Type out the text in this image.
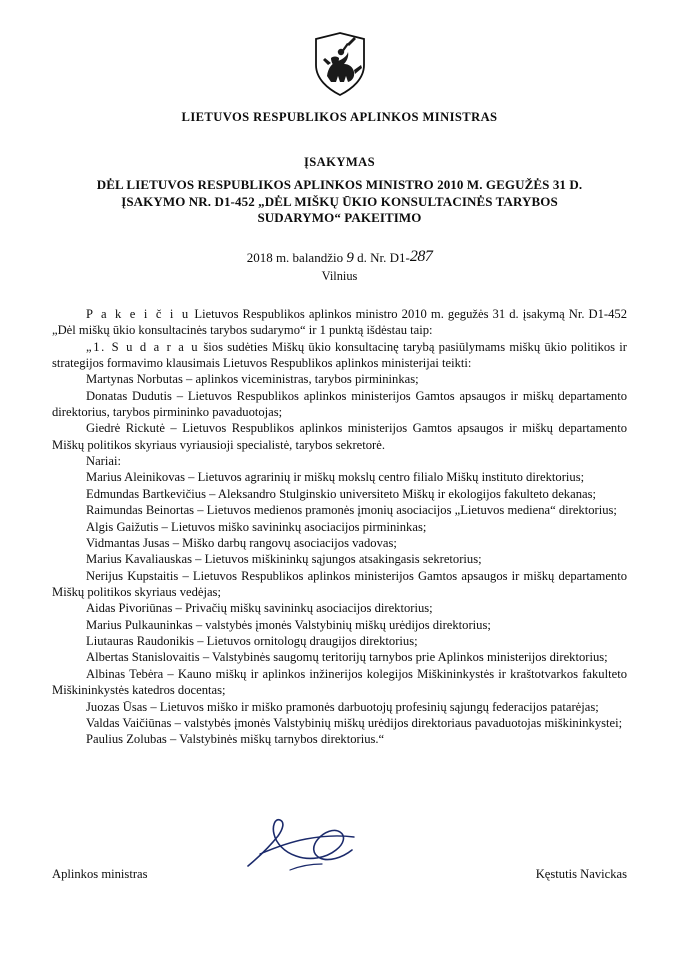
LIETUVOS RESPUBLIKOS APLINKOS MINISTRAS
ĮSAKYMAS
DĖL LIETUVOS RESPUBLIKOS APLINKOS MINISTRO 2010 M. GEGUŽĖS 31 D.
ĮSAKYMO NR. D1-452 „DĖL MIŠKŲ ŪKIO KONSULTACINĖS TARYBOS
SUDARYMO“ PAKEITIMO
2018 m. balandžio 9 d. Nr. D1-287
Vilnius

P a k e i č i u Lietuvos Respublikos aplinkos ministro 2010 m. gegužės 31 d. įsakymą Nr. D1-452 „Dėl miškų ūkio konsultacinės tarybos sudarymo“ ir 1 punktą išdėstau taip:

„1. S u d a r a u šios sudėties Miškų ūkio konsultacinę tarybą pasiūlymams miškų ūkio politikos ir strategijos formavimo klausimais Lietuvos Respublikos aplinkos ministerijai teikti:

Martynas Norbutas – aplinkos viceministras, tarybos pirmininkas;

Donatas Dudutis – Lietuvos Respublikos aplinkos ministerijos Gamtos apsaugos ir miškų departamento direktorius, tarybos pirmininko pavaduotojas;

Giedrė Rickutė – Lietuvos Respublikos aplinkos ministerijos Gamtos apsaugos ir miškų departamento Miškų politikos skyriaus vyriausioji specialistė, tarybos sekretorė.

Nariai:

Marius Aleinikovas – Lietuvos agrarinių ir miškų mokslų centro filialo Miškų instituto direktorius;

Edmundas Bartkevičius – Aleksandro Stulginskio universiteto Miškų ir ekologijos fakulteto dekanas;

Raimundas Beinortas – Lietuvos medienos pramonės įmonių asociacijos „Lietuvos mediena“ direktorius;

Algis Gaižutis – Lietuvos miško savininkų asociacijos pirmininkas;

Vidmantas Jusas – Miško darbų rangovų asociacijos vadovas;

Marius Kavaliauskas – Lietuvos miškininkų sąjungos atsakingasis sekretorius;

Nerijus Kupstaitis – Lietuvos Respublikos aplinkos ministerijos Gamtos apsaugos ir miškų departamento Miškų politikos skyriaus vedėjas;

Aidas Pivoriūnas – Privačių miškų savininkų asociacijos direktorius;

Marius Pulkauninkas – valstybės įmonės Valstybinių miškų urėdijos direktorius;

Liutauras Raudonikis – Lietuvos ornitologų draugijos direktorius;

Albertas Stanislovaitis – Valstybinės saugomų teritorijų tarnybos prie Aplinkos ministerijos direktorius;

Albinas Tebėra – Kauno miškų ir aplinkos inžinerijos kolegijos Miškininkystės ir kraštotvarkos fakulteto Miškininkystės katedros docentas;

Juozas Ūsas – Lietuvos miško ir miško pramonės darbuotojų profesinių sąjungų federacijos patarėjas;

Valdas Vaičiūnas – valstybės įmonės Valstybinių miškų urėdijos direktoriaus pavaduotojas miškininkystei;

Paulius Zolubas – Valstybinės miškų tarnybos direktorius.“

Aplinkos ministras	Kęstutis Navickas
